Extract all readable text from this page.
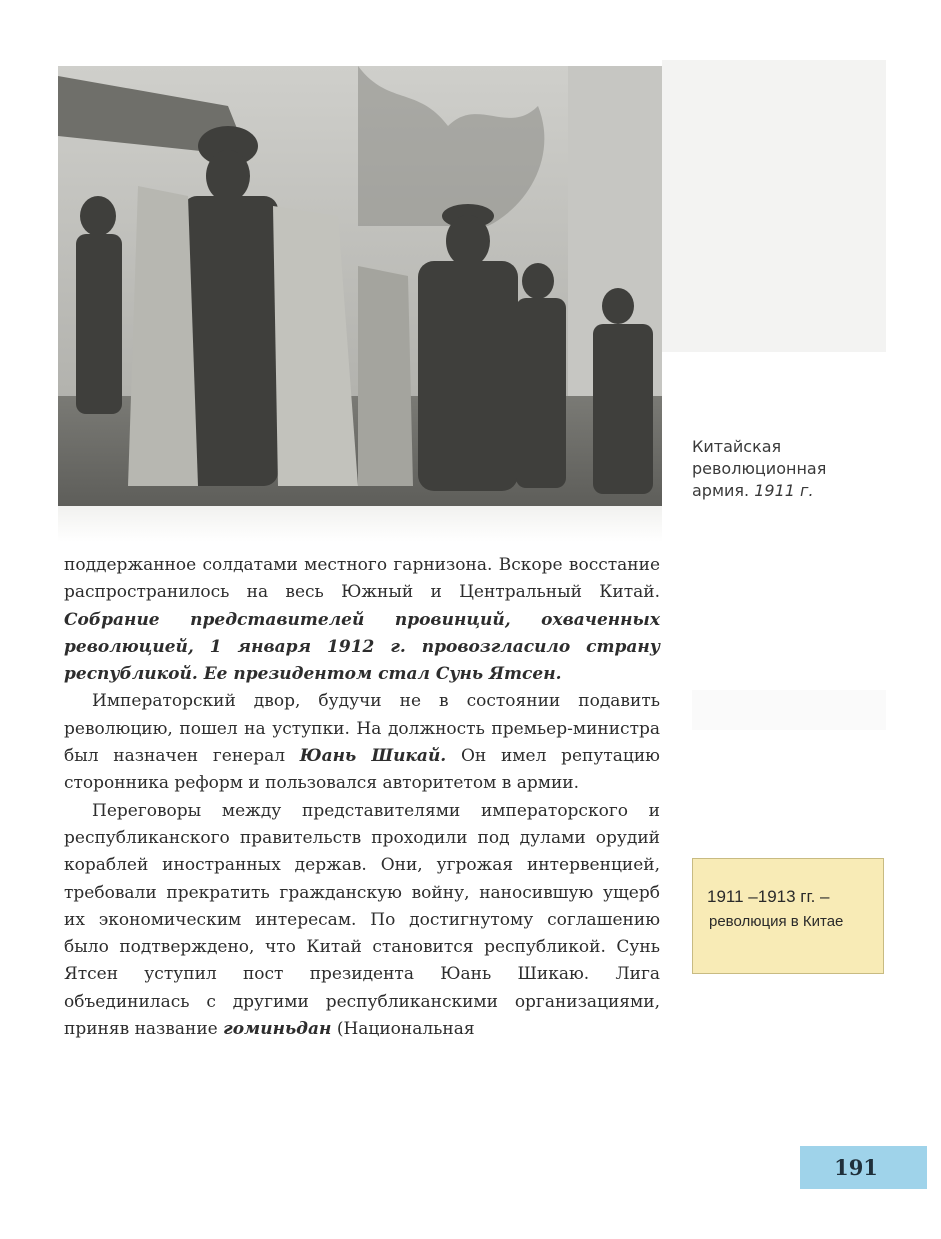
Китайская
революционная
армия. 1911 г.

поддержанное солдатами местного гарнизона. Вскоре восстание распространилось на весь Южный и Центральный Китай. Собрание представителей провинций, охваченных революцией, 1 января 1912 г. провозгласило страну республикой. Ее президентом стал Сунь Ятсен.

Императорский двор, будучи не в состоянии подавить революцию, пошел на уступки. На должность премьер-министра был назначен генерал Юань Шикай. Он имел репутацию сторонника реформ и пользовался авторитетом в армии.

Переговоры между представителями императорского и республиканского правительств проходили под дулами орудий кораблей иностранных держав. Они, угрожая интервенцией, требовали прекратить гражданскую войну, наносившую ущерб их экономическим интересам. По достигнутому соглашению было подтверждено, что Китай становится республикой. Сунь Ятсен уступил пост президента Юань Шикаю. Лига объединилась с другими республиканскими организациями, приняв название гоминьдан (Национальная

1911 –1913 гг. –
революция в Китае
191
